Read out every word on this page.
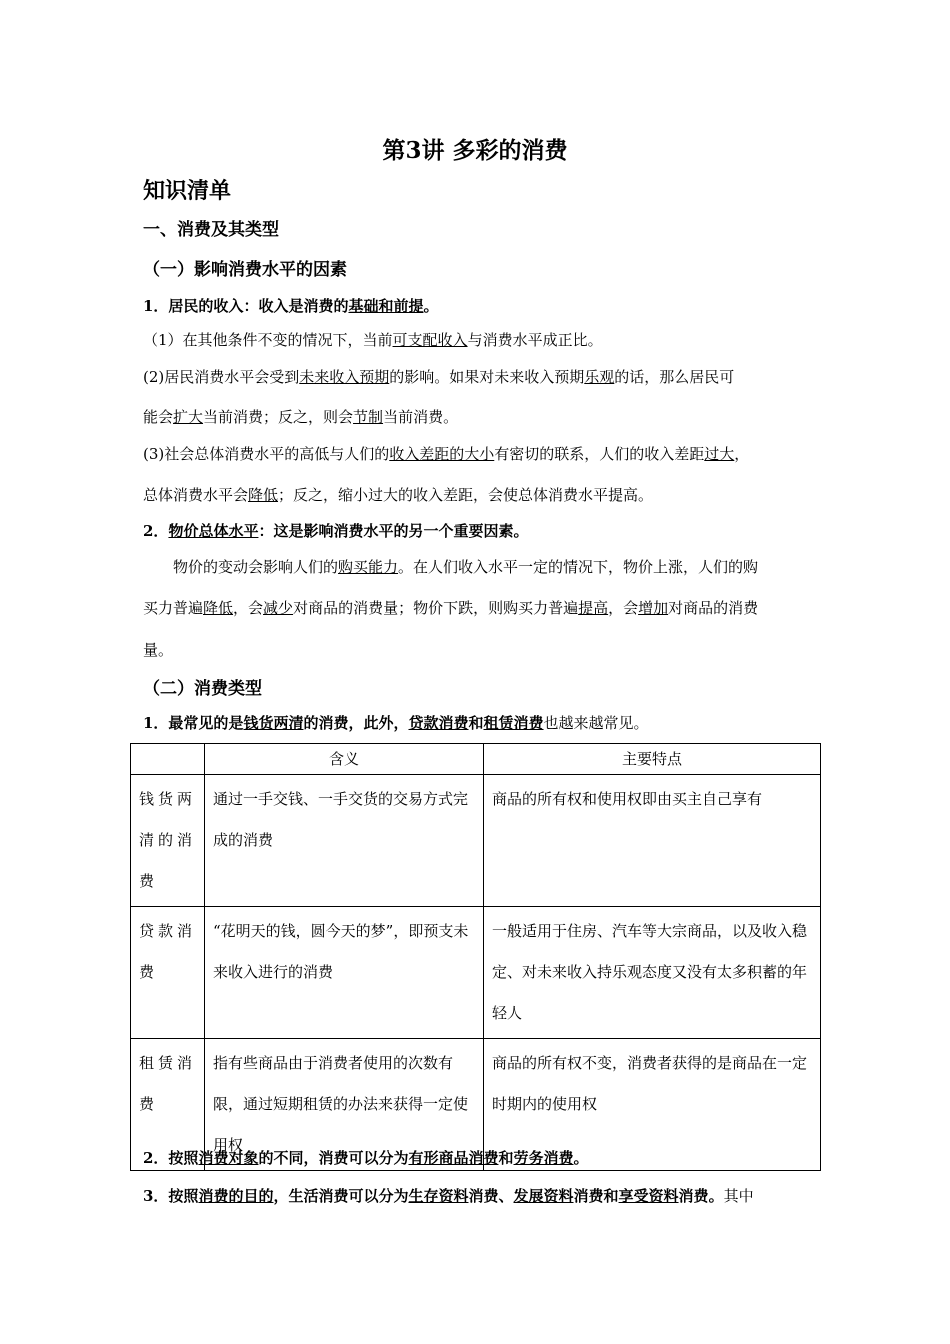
第3讲 多彩的消费
知识清单
一、消费及其类型
（一）影响消费水平的因素
1．居民的收入：收入是消费的基础和前提。
（1）在其他条件不变的情况下，当前可支配收入与消费水平成正比。
(2)居民消费水平会受到未来收入预期的影响。如果对未来收入预期乐观的话，那么居民可
能会扩大当前消费；反之，则会节制当前消费。
(3)社会总体消费水平的高低与人们的收入差距的大小有密切的联系，人们的收入差距过大，
总体消费水平会降低；反之，缩小过大的收入差距，会使总体消费水平提高。
2．物价总体水平：这是影响消费水平的另一个重要因素。
物价的变动会影响人们的购买能力。在人们收入水平一定的情况下，物价上涨，人们的购
买力普遍降低，会减少对商品的消费量；物价下跌，则购买力普遍提高，会增加对商品的消费
量。
（二）消费类型
1．最常见的是钱货两清的消费，此外，贷款消费和租赁消费也越来越常见。
	含义	主要特点
钱货两清的消费	通过一手交钱、一手交货的交易方式完成的消费	商品的所有权和使用权即由买主自己享有
贷款消费	“花明天的钱，圆今天的梦”，即预支未来收入进行的消费	一般适用于住房、汽车等大宗商品，以及收入稳定、对未来收入持乐观态度又没有太多积蓄的年轻人
租赁消费	指有些商品由于消费者使用的次数有限，通过短期租赁的办法来获得一定使用权	商品的所有权不变，消费者获得的是商品在一定时期内的使用权
2．按照消费对象的不同，消费可以分为有形商品消费和劳务消费。
3．按照消费的目的，生活消费可以分为生存资料消费、发展资料消费和享受资料消费。其中
